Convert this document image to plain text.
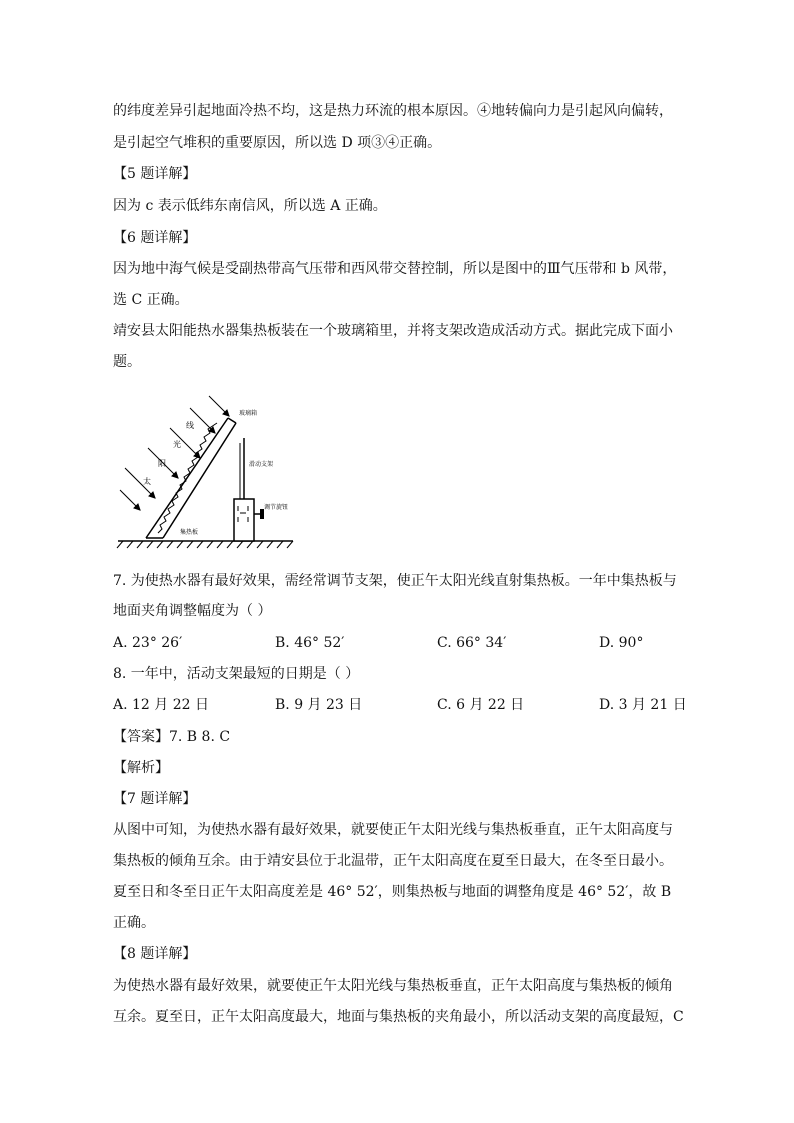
的纬度差异引起地面冷热不均，这是热力环流的根本原因。④地转偏向力是引起风向偏转，
是引起空气堆积的重要原因，所以选 D 项③④正确。
【5 题详解】
因为 c 表示低纬东南信风，所以选 A 正确。
【6 题详解】
因为地中海气候是受副热带高气压带和西风带交替控制，所以是图中的Ⅲ气压带和 b 风带，
选 C 正确。
靖安县太阳能热水器集热板装在一个玻璃箱里，并将支架改造成活动方式。据此完成下面小
题。
太
阳
光
线
玻璃箱
滑动支架
调节旋钮
集热板
7. 为使热水器有最好效果，需经常调节支架，使正午太阳光线直射集热板。一年中集热板与
地面夹角调整幅度为（ ）
A. 23° 26′	B. 46° 52′	C. 66° 34′	D. 90°
8. 一年中，活动支架最短的日期是（ ）
A. 12 月 22 日	B. 9 月 23 日	C. 6 月 22 日	D. 3 月 21 日
【答案】7. B 8. C
【解析】
【7 题详解】
从图中可知，为使热水器有最好效果，就要使正午太阳光线与集热板垂直，正午太阳高度与
集热板的倾角互余。由于靖安县位于北温带，正午太阳高度在夏至日最大，在冬至日最小。
夏至日和冬至日正午太阳高度差是 46° 52′，则集热板与地面的调整角度是 46° 52′，故 B
正确。
【8 题详解】
为使热水器有最好效果，就要使正午太阳光线与集热板垂直，正午太阳高度与集热板的倾角
互余。夏至日，正午太阳高度最大，地面与集热板的夹角最小，所以活动支架的高度最短，C
